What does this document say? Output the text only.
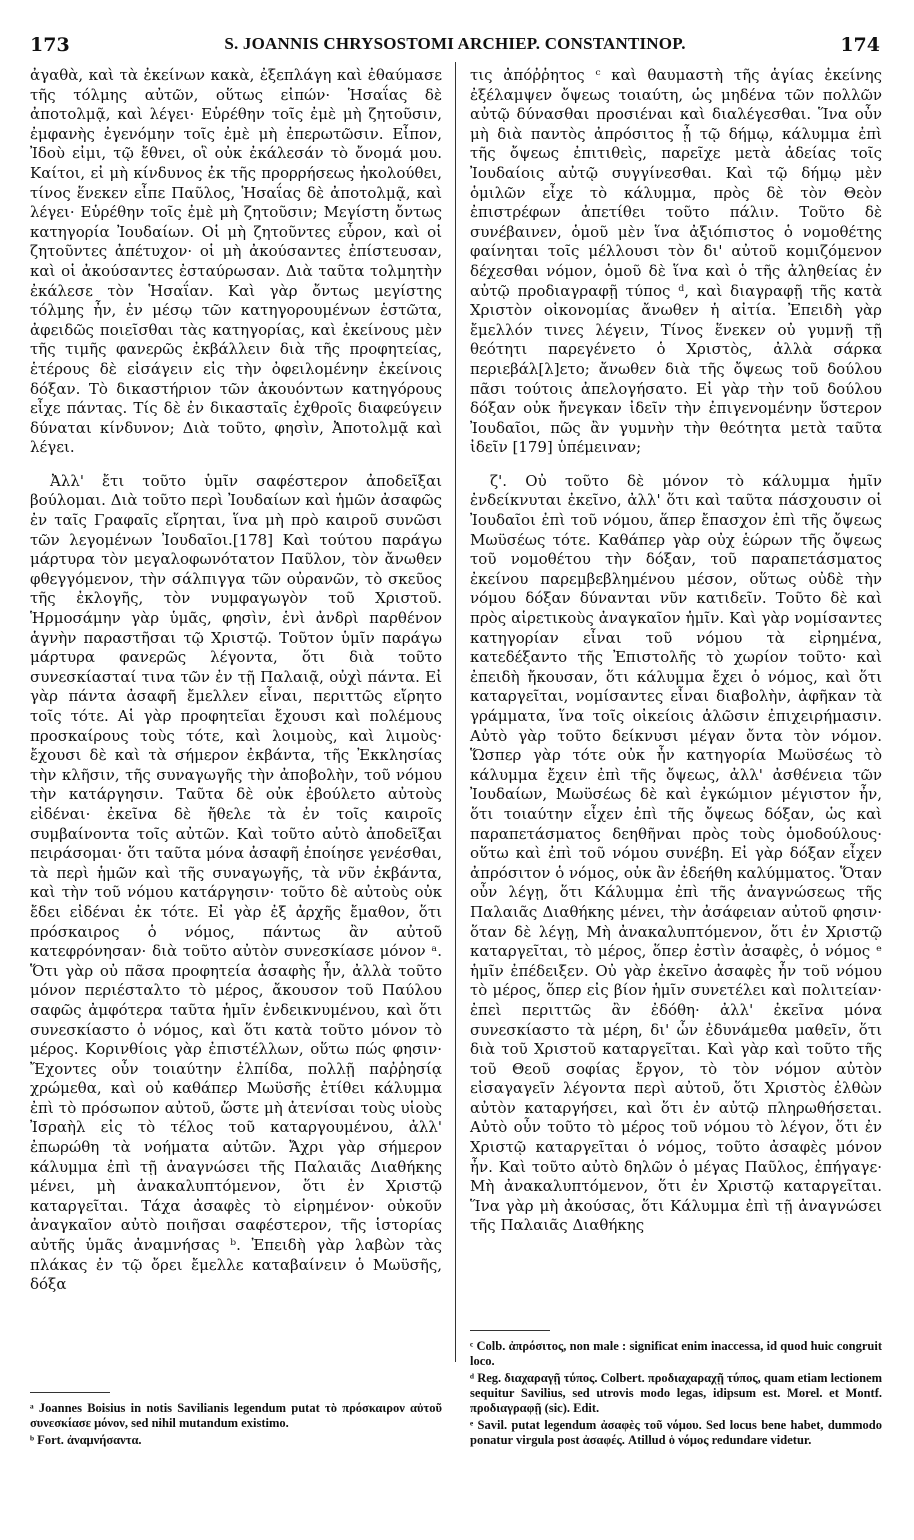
173	S. JOANNIS CHRYSOSTOMI ARCHIEP. CONSTANTINOP.	174

ἀγαθὰ, καὶ τὰ ἐκείνων κακὰ, ἐξεπλάγη καὶ ἐθαύμασε τῆς τόλμης αὐτῶν, οὕτως εἰπών· Ἡσαΐας δὲ ἀποτολμᾷ, καὶ λέγει· Εὑρέθην τοῖς ἐμὲ μὴ ζητοῦσιν, ἐμφανὴς ἐγενόμην τοῖς ἐμὲ μὴ ἐπερωτῶσιν. Εἶπον, Ἰδοὺ εἰμι, τῷ ἔθνει, οἳ οὐκ ἐκάλεσάν τὸ ὄνομά μου. Καίτοι, εἰ μὴ κίνδυνος ἐκ τῆς προρρήσεως ἠκολούθει, τίνος ἕνεκεν εἶπε Παῦλος, Ἡσαΐας δὲ ἀποτολμᾷ, καὶ λέγει· Εὑρέθην τοῖς ἐμὲ μὴ ζητοῦσιν; Μεγίστη ὄντως κατηγορία Ἰουδαίων. Οἱ μὴ ζητοῦντες εὗρον, καὶ οἱ ζητοῦντες ἀπέτυχον· οἱ μὴ ἀκούσαντες ἐπίστευσαν, καὶ οἱ ἀκούσαντες ἐσταύρωσαν. Διὰ ταῦτα τολμητὴν ἐκάλεσε τὸν Ἡσαΐαν. Καὶ γὰρ ὄντως μεγίστης τόλμης ἦν, ἐν μέσῳ τῶν κατηγορουμένων ἑστῶτα, ἀφειδῶς ποιεῖσθαι τὰς κατηγορίας, καὶ ἐκείνους μὲν τῆς τιμῆς φανερῶς ἐκβάλλειν διὰ τῆς προφητείας, ἑτέρους δὲ εἰσάγειν εἰς τὴν ὀφειλομένην ἐκείνοις δόξαν. Τὸ δικαστήριον τῶν ἀκουόντων κατηγόρους εἶχε πάντας. Τίς δὲ ἐν δικασταῖς ἐχθροῖς διαφεύγειν δύναται κίνδυνον; Διὰ τοῦτο, φησὶν, Ἀποτολμᾷ καὶ λέγει.

Ἀλλ' ἔτι τοῦτο ὑμῖν σαφέστερον ἀποδεῖξαι βούλομαι. Διὰ τοῦτο περὶ Ἰουδαίων καὶ ἡμῶν ἀσαφῶς ἐν ταῖς Γραφαῖς εἴρηται, ἵνα μὴ πρὸ καιροῦ συνῶσι τῶν λεγομένων Ἰουδαῖοι.[178] Καὶ τούτου παράγω μάρτυρα τὸν μεγαλοφωνότατον Παῦλον, τὸν ἄνωθεν φθεγγόμενον, τὴν σάλπιγγα τῶν οὐρανῶν, τὸ σκεῦος τῆς ἐκλογῆς, τὸν νυμφαγωγὸν τοῦ Χριστοῦ. Ἡρμοσάμην γὰρ ὑμᾶς, φησὶν, ἑνὶ ἀνδρὶ παρθένον ἁγνὴν παραστῆσαι τῷ Χριστῷ. Τοῦτον ὑμῖν παράγω μάρτυρα φανερῶς λέγοντα, ὅτι διὰ τοῦτο συνεσκίασταί τινα τῶν ἐν τῇ Παλαιᾷ, οὐχὶ πάντα. Εἰ γὰρ πάντα ἀσαφῆ ἔμελλεν εἶναι, περιττῶς εἴρητο τοῖς τότε. Αἱ γὰρ προφητεῖαι ἔχουσι καὶ πολέμους προσκαίρους τοὺς τότε, καὶ λοιμοὺς, καὶ λιμοὺς· ἔχουσι δὲ καὶ τὰ σήμερον ἐκβάντα, τῆς Ἐκκλησίας τὴν κλῆσιν, τῆς συναγωγῆς τὴν ἀποβολὴν, τοῦ νόμου τὴν κατάργησιν. Ταῦτα δὲ οὐκ ἐβούλετο αὐτοὺς εἰδέναι· ἐκεῖνα δὲ ἤθελε τὰ ἐν τοῖς καιροῖς συμβαίνοντα τοῖς αὐτῶν. Καὶ τοῦτο αὐτὸ ἀποδεῖξαι πειράσομαι· ὅτι ταῦτα μόνα ἀσαφῆ ἐποίησε γενέσθαι, τὰ περὶ ἡμῶν καὶ τῆς συναγωγῆς, τὰ νῦν ἐκβάντα, καὶ τὴν τοῦ νόμου κατάργησιν· τοῦτο δὲ αὐτοὺς οὐκ ἔδει εἰδέναι ἐκ τότε. Εἰ γὰρ ἐξ ἀρχῆς ἔμαθον, ὅτι πρόσκαιρος ὁ νόμος, πάντως ἂν αὐτοῦ κατεφρόνησαν· διὰ τοῦτο αὐτὸν συνεσκίασε μόνον ᵃ. Ὅτι γὰρ οὐ πᾶσα προφητεία ἀσαφὴς ἦν, ἀλλὰ τοῦτο μόνον περιέσταλτο τὸ μέρος, ἄκουσον τοῦ Παύλου σαφῶς ἀμφότερα ταῦτα ἡμῖν ἐνδεικνυμένου, καὶ ὅτι συνεσκίαστο ὁ νόμος, καὶ ὅτι κατὰ τοῦτο μόνον τὸ μέρος. Κορινθίοις γὰρ ἐπιστέλλων, οὕτω πώς φησιν· Ἔχοντες οὖν τοιαύτην ἐλπίδα, πολλῇ παῤῥησίᾳ χρώμεθα, καὶ οὐ καθάπερ Μωϋσῆς ἐτίθει κάλυμμα ἐπὶ τὸ πρόσωπον αὐτοῦ, ὥστε μὴ ἀτενίσαι τοὺς υἱοὺς Ἰσραὴλ εἰς τὸ τέλος τοῦ καταργουμένου, ἀλλ' ἐπωρώθη τὰ νοήματα αὐτῶν. Ἄχρι γὰρ σήμερον κάλυμμα ἐπὶ τῇ ἀναγνώσει τῆς Παλαιᾶς Διαθήκης μένει, μὴ ἀνακαλυπτόμενον, ὅτι ἐν Χριστῷ καταργεῖται. Τάχα ἀσαφὲς τὸ εἰρημένον· οὐκοῦν ἀναγκαῖον αὐτὸ ποιῆσαι σαφέστερον, τῆς ἱστορίας αὐτῆς ὑμᾶς ἀναμνήσας ᵇ. Ἐπειδὴ γὰρ λαβὼν τὰς πλάκας ἐν τῷ ὄρει ἔμελλε καταβαίνειν ὁ Μωϋσῆς, δόξα

τις ἀπόῤῥητος ᶜ καὶ θαυμαστὴ τῆς ἁγίας ἐκείνης ἐξέλαμψεν ὄψεως τοιαύτη, ὡς μηδένα τῶν πολλῶν αὐτῷ δύνασθαι προσιέναι καὶ διαλέγεσθαι. Ἵνα οὖν μὴ διὰ παντὸς ἀπρόσιτος ᾖ τῷ δήμῳ, κάλυμμα ἐπὶ τῆς ὄψεως ἐπιτιθεὶς, παρεῖχε μετὰ ἀδείας τοῖς Ἰουδαίοις αὐτῷ συγγίνεσθαι. Καὶ τῷ δήμῳ μὲν ὁμιλῶν εἶχε τὸ κάλυμμα, πρὸς δὲ τὸν Θεὸν ἐπιστρέφων ἀπετίθει τοῦτο πάλιν. Τοῦτο δὲ συνέβαινεν, ὁμοῦ μὲν ἵνα ἀξιόπιστος ὁ νομοθέτης φαίνηται τοῖς μέλλουσι τὸν δι' αὐτοῦ κομιζόμενον δέχεσθαι νόμον, ὁμοῦ δὲ ἵνα καὶ ὁ τῆς ἀληθείας ἐν αὐτῷ προδιαγραφῇ τύπος ᵈ, καὶ διαγραφῇ τῆς κατὰ Χριστὸν οἰκονομίας ἄνωθεν ἡ αἰτία. Ἐπειδὴ γὰρ ἔμελλόν τινες λέγειν, Τίνος ἕνεκεν οὐ γυμνῇ τῇ θεότητι παρεγένετο ὁ Χριστὸς, ἀλλὰ σάρκα περιεβάλ[λ]ετο; ἄνωθεν διὰ τῆς ὄψεως τοῦ δούλου πᾶσι τούτοις ἀπελογήσατο. Εἰ γὰρ τὴν τοῦ δούλου δόξαν οὐκ ἤνεγκαν ἰδεῖν τὴν ἐπιγενομένην ὕστερον Ἰουδαῖοι, πῶς ἂν γυμνὴν τὴν θεότητα μετὰ ταῦτα ἰδεῖν [179] ὑπέμειναν;

ζ'. Οὐ τοῦτο δὲ μόνον τὸ κάλυμμα ἡμῖν ἐνδείκνυται ἐκεῖνο, ἀλλ' ὅτι καὶ ταῦτα πάσχουσιν οἱ Ἰουδαῖοι ἐπὶ τοῦ νόμου, ἅπερ ἔπασχον ἐπὶ τῆς ὄψεως Μωϋσέως τότε. Καθάπερ γὰρ οὐχ ἑώρων τῆς ὄψεως τοῦ νομοθέτου τὴν δόξαν, τοῦ παραπετάσματος ἐκείνου παρεμβεβλημένου μέσον, οὕτως οὐδὲ τὴν νόμου δόξαν δύνανται νῦν κατιδεῖν. Τοῦτο δὲ καὶ πρὸς αἱρετικοὺς ἀναγκαῖον ἡμῖν. Καὶ γὰρ νομίσαντες κατηγορίαν εἶναι τοῦ νόμου τὰ εἰρημένα, κατεδέξαντο τῆς Ἐπιστολῆς τὸ χωρίον τοῦτο· καὶ ἐπειδὴ ἤκουσαν, ὅτι κάλυμμα ἔχει ὁ νόμος, καὶ ὅτι καταργεῖται, νομίσαντες εἶναι διαβολὴν, ἀφῆκαν τὰ γράμματα, ἵνα τοῖς οἰκείοις ἁλῶσιν ἐπιχειρήμασιν. Αὐτὸ γὰρ τοῦτο δείκνυσι μέγαν ὄντα τὸν νόμον. Ὥσπερ γὰρ τότε οὐκ ἦν κατηγορία Μωϋσέως τὸ κάλυμμα ἔχειν ἐπὶ τῆς ὄψεως, ἀλλ' ἀσθένεια τῶν Ἰουδαίων, Μωϋσέως δὲ καὶ ἐγκώμιον μέγιστον ἦν, ὅτι τοιαύτην εἶχεν ἐπὶ τῆς ὄψεως δόξαν, ὡς καὶ παραπετάσματος δεηθῆναι πρὸς τοὺς ὁμοδούλους· οὕτω καὶ ἐπὶ τοῦ νόμου συνέβη. Εἰ γὰρ δόξαν εἶχεν ἀπρόσιτον ὁ νόμος, οὐκ ἂν ἐδεήθη καλύμματος. Ὅταν οὖν λέγῃ, ὅτι Κάλυμμα ἐπὶ τῆς ἀναγνώσεως τῆς Παλαιᾶς Διαθήκης μένει, τὴν ἀσάφειαν αὐτοῦ φησιν· ὅταν δὲ λέγῃ, Μὴ ἀνακαλυπτόμενον, ὅτι ἐν Χριστῷ καταργεῖται, τὸ μέρος, ὅπερ ἐστὶν ἀσαφὲς, ὁ νόμος ᵉ ἡμῖν ἐπέδειξεν. Οὐ γὰρ ἐκεῖνο ἀσαφὲς ἦν τοῦ νόμου τὸ μέρος, ὅπερ εἰς βίον ἡμῖν συνετέλει καὶ πολιτείαν· ἐπεὶ περιττῶς ἂν ἐδόθη· ἀλλ' ἐκεῖνα μόνα συνεσκίαστο τὰ μέρη, δι' ὧν ἐδυνάμεθα μαθεῖν, ὅτι διὰ τοῦ Χριστοῦ καταργεῖται. Καὶ γὰρ καὶ τοῦτο τῆς τοῦ Θεοῦ σοφίας ἔργον, τὸ τὸν νόμον αὐτὸν εἰσαγαγεῖν λέγοντα περὶ αὐτοῦ, ὅτι Χριστὸς ἐλθὼν αὐτὸν καταργήσει, καὶ ὅτι ἐν αὐτῷ πληρωθήσεται. Αὐτὸ οὖν τοῦτο τὸ μέρος τοῦ νόμου τὸ λέγον, ὅτι ἐν Χριστῷ καταργεῖται ὁ νόμος, τοῦτο ἀσαφὲς μόνον ἦν. Καὶ τοῦτο αὐτὸ δηλῶν ὁ μέγας Παῦλος, ἐπήγαγε· Μὴ ἀνακαλυπτόμενον, ὅτι ἐν Χριστῷ καταργεῖται. Ἵνα γὰρ μὴ ἀκούσας, ὅτι Κάλυμμα ἐπὶ τῇ ἀναγνώσει τῆς Παλαιᾶς Διαθήκης

ᵃ Joannes Boisius in notis Savilianis legendum putat τὸ πρόσκαιρον αὐτοῦ συνεσκίασε μόνον, sed nihil mutandum existimo.

ᵇ Fort. ἀναμνήσαντα.

ᶜ Colb. ἀπρόσιτος, non male : significat enim inaccessa, id quod huic congruit loco.

ᵈ Reg. διαχαραγῇ τύπος. Colbert. προδιαχαραχῇ τύπος, quam etiam lectionem sequitur Savilius, sed utrovis modo legas, idipsum est. Morel. et Montf. προδιαγραφῇ (sic). Edit.

ᵉ Savil. putat legendum ἀσαφὲς τοῦ νόμου. Sed locus bene habet, dummodo ponatur virgula post ἀσαφές. Atillud ὁ νόμος redundare videtur.
